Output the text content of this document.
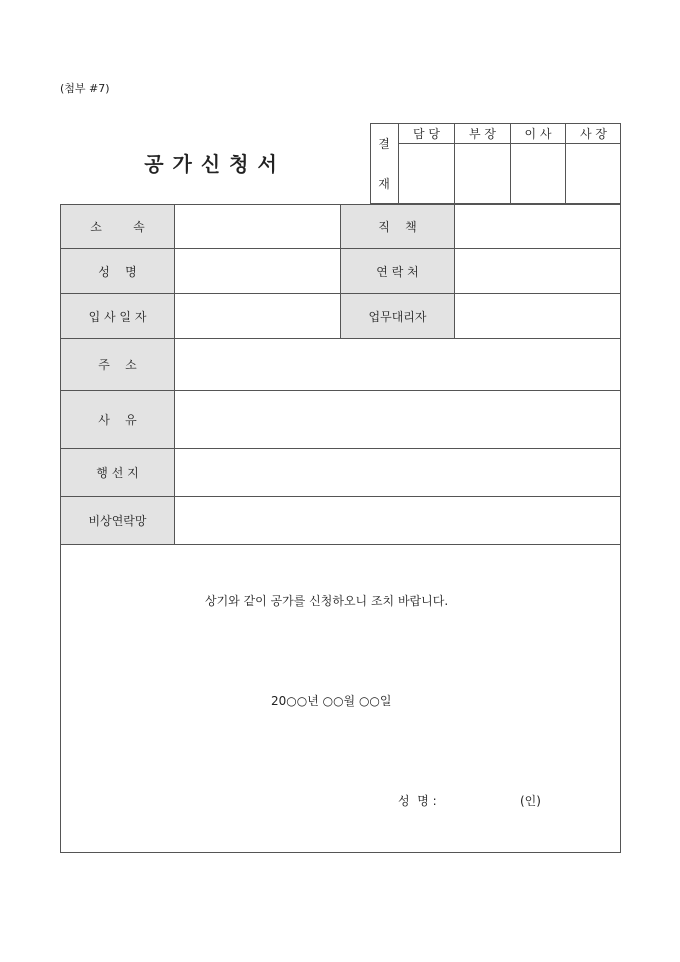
(첨부 #7)
공가신청서
결
재
담 당	부 장	이 사	사 장
소    속	직    책
성    명	연 락 처
입 사 일 자	업무대리자
주    소
사    유
행 선 지
비상연락망
상기와 같이 공가를 신청하오니 조치 바랍니다.
20○○년 ○○월 ○○일
성  명 :	(인)
